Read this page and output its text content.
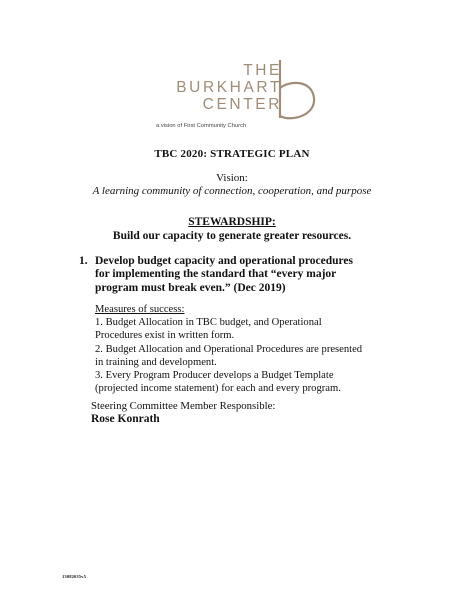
THE
BURKHART
CENTER
a vision of First Community Church
TBC 2020: STRATEGIC PLAN
Vision:
A learning community of connection, cooperation, and purpose
STEWARDSHIP:
Build our capacity to generate greater resources.
1. Develop budget capacity and operational procedures
for implementing the standard that “every major
program must break even.” (Dec 2019)
Measures of success:
1. Budget Allocation in TBC budget, and Operational
Procedures exist in written form.
2. Budget Allocation and Operational Procedures are presented
in training and development.
3. Every Program Producer develops a Budget Template
(projected income statement) for each and every program.
Steering Committee Member Responsible:
Rose Konrath
13082635v5
